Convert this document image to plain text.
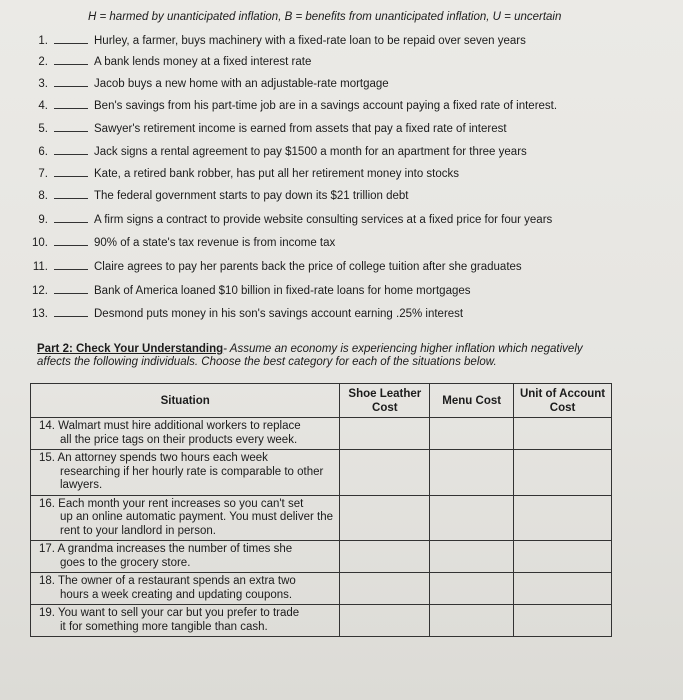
H = harmed by unanticipated inflation, B = benefits from unanticipated inflation, U = uncertain
1.	Hurley, a farmer, buys machinery with a fixed-rate loan to be repaid over seven years
2.	A bank lends money at a fixed interest rate
3.	Jacob buys a new home with an adjustable-rate mortgage
4.	Ben's savings from his part-time job are in a savings account paying a fixed rate of interest.
5.	Sawyer's retirement income is earned from assets that pay a fixed rate of interest
6.	Jack signs a rental agreement to pay $1500 a month for an apartment for three years
7.	Kate, a retired bank robber, has put all her retirement money into stocks
8.	The federal government starts to pay down its $21 trillion debt
9.	A firm signs a contract to provide website consulting services at a fixed price for four years
10.	90% of a state's tax revenue is from income tax
11.	Claire agrees to pay her parents back the price of college tuition after she graduates
12.	Bank of America loaned $10 billion in fixed-rate loans for home mortgages
13.	Desmond puts money in his son's savings account earning .25% interest
Part 2: Check Your Understanding- Assume an economy is experiencing higher inflation which negatively affects the following individuals. Choose the best category for each of the situations below.
Situation	Shoe Leather Cost	Menu Cost	Unit of Account Cost

14. Walmart must hire additional workers to replace
all the price tags on their products every week.			

15. An attorney spends two hours each week
researching if her hourly rate is comparable to other lawyers.			

16. Each month your rent increases so you can't set
up an online automatic payment. You must deliver the rent to your landlord in person.			

17. A grandma increases the number of times she
goes to the grocery store.			

18. The owner of a restaurant spends an extra two
hours a week creating and updating coupons.			

19. You want to sell your car but you prefer to trade
it for something more tangible than cash.			
